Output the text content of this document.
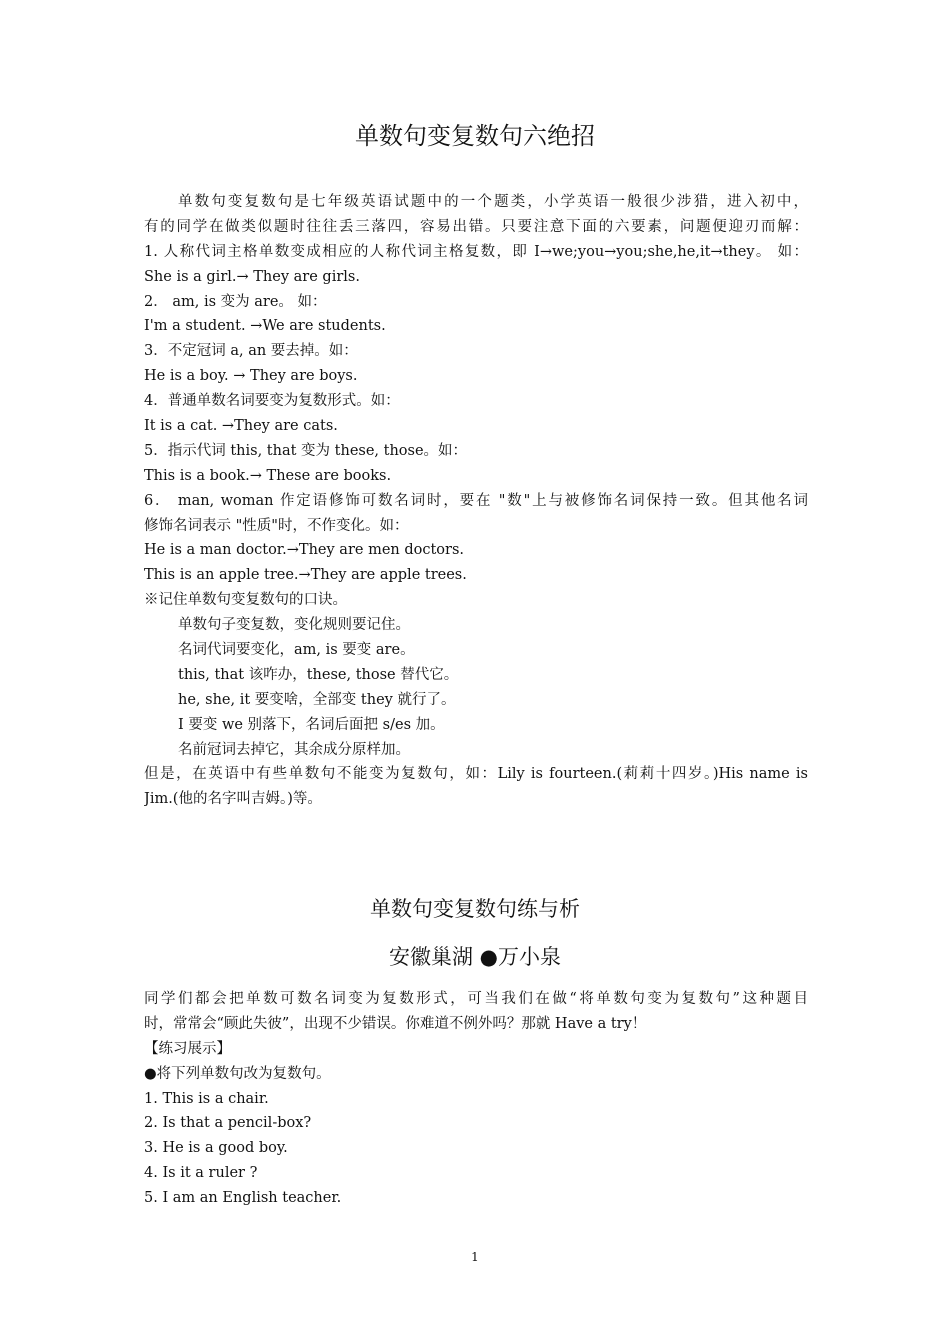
单数句变复数句六绝招
单数句变复数句是七年级英语试题中的一个题类，小学英语一般很少涉猎，进入初中，
有的同学在做类似题时往往丢三落四，容易出错。只要注意下面的六要素，问题便迎刃而解：
1. 人称代词主格单数变成相应的人称代词主格复数，即 I→we;you→you;she,he,it→they。 如：
She is a girl.→ They are girls.
2． am, is 变为 are。 如：
I'm a student. →We are students.
3．不定冠词 a, an 要去掉。如：
He is a boy. → They are boys.
4．普通单数名词要变为复数形式。如：
It is a cat. →They are cats.
5．指示代词 this, that 变为 these, those。如：
This is a book.→ These are books.
6． man, woman 作定语修饰可数名词时，要在 "数"上与被修饰名词保持一致。但其他名词
修饰名词表示 "性质"时，不作变化。如：
He is a man doctor.→They are men doctors.
This is an apple tree.→They are apple trees.
※记住单数句变复数句的口诀。
单数句子变复数，变化规则要记住。
名词代词要变化，am, is 要变 are。
this, that 该咋办，these, those 替代它。
he, she, it 要变啥，全部变 they 就行了。
I 要变 we 别落下，名词后面把 s/es 加。
名前冠词去掉它，其余成分原样加。
但是，在英语中有些单数句不能变为复数句，如：Lily is fourteen.(莉莉十四岁。)His name is
Jim.(他的名字叫吉姆。)等。
单数句变复数句练与析
安徽巢湖 ●万小泉
同学们都会把单数可数名词变为复数形式，可当我们在做“将单数句变为复数句”这种题目
时，常常会“顾此失彼”，出现不少错误。你难道不例外吗？那就 Have a try！
【练习展示】
●将下列单数句改为复数句。
1. This is a chair.
2. Is that a pencil-box?
3. He is a good boy.
4. Is it a ruler ?
5. I am an English teacher.
1
